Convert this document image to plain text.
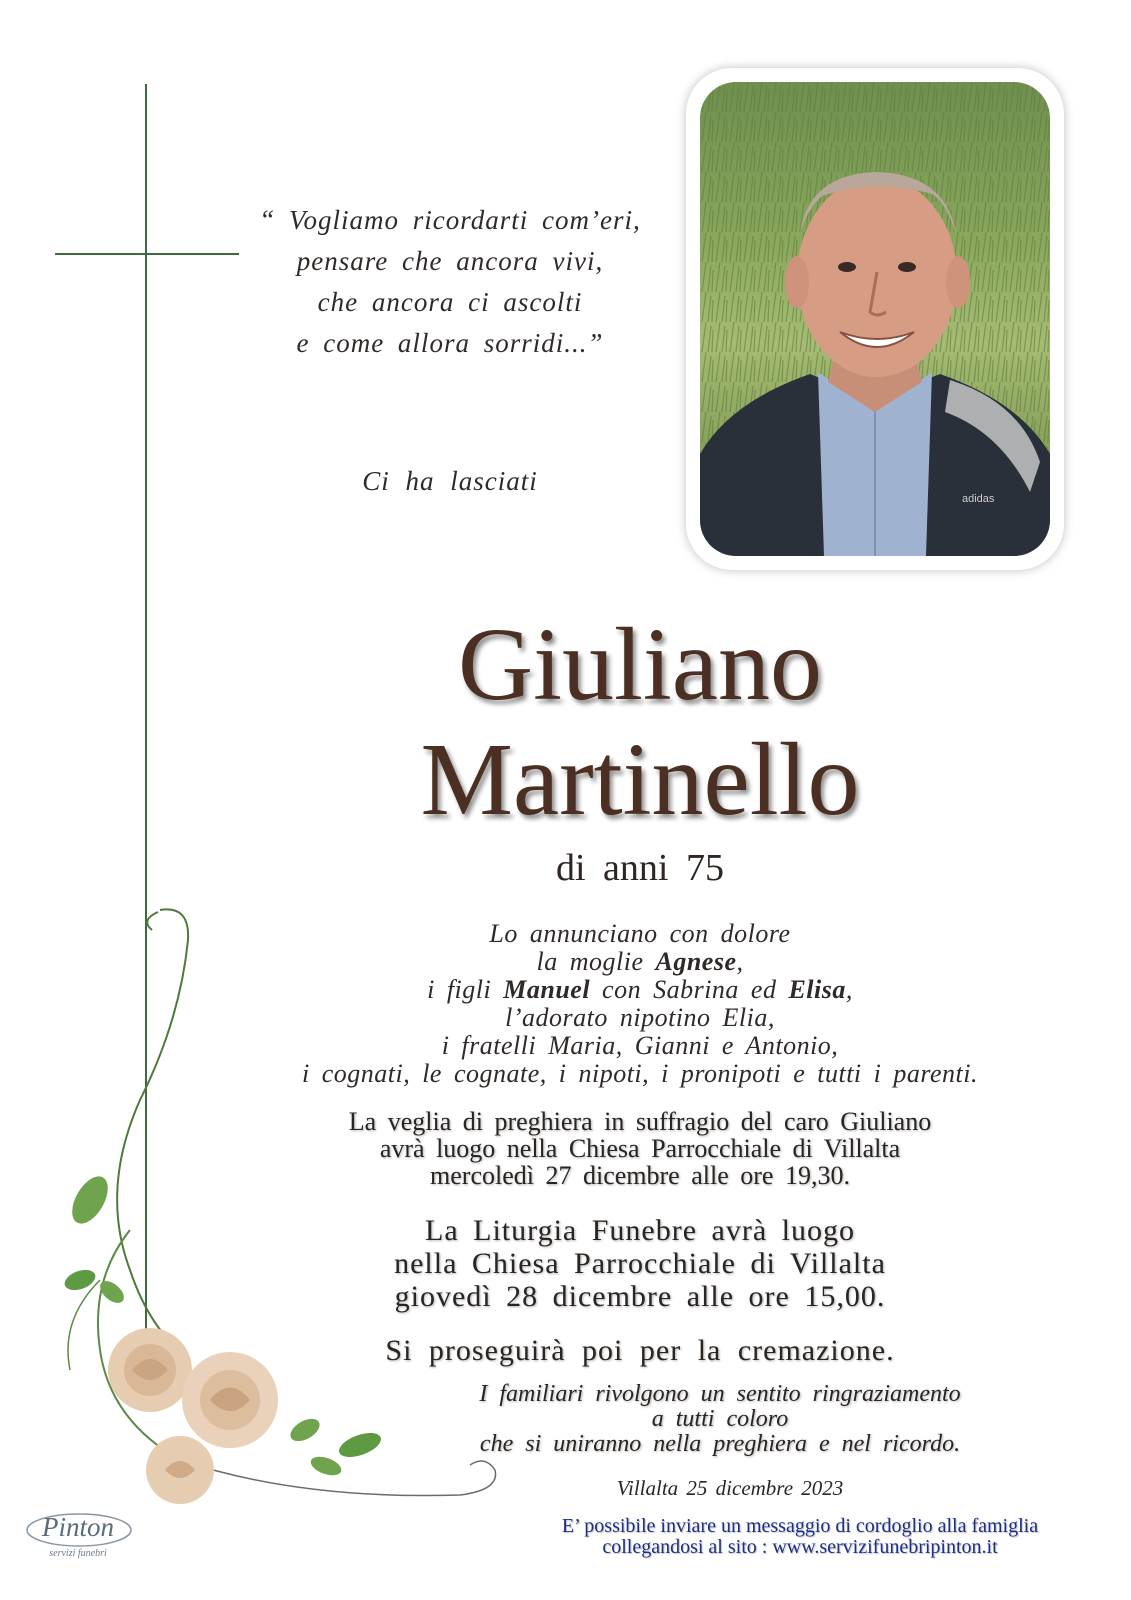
“ Vogliamo ricordarti com’eri,
pensare che ancora vivi,
che ancora ci ascolti
e come allora sorridi...”
Ci ha lasciati
adidas
Giuliano
Martinello
di anni 75
Lo annunciano con dolore
la moglie Agnese,
i figli Manuel con Sabrina ed Elisa,
l’adorato nipotino Elia,
i fratelli Maria, Gianni e Antonio,
i cognati, le cognate, i nipoti, i pronipoti e tutti i parenti.
La veglia di preghiera in suffragio del caro Giuliano
avrà luogo nella Chiesa Parrocchiale di Villalta
mercoledì 27 dicembre alle ore 19,30.
La Liturgia Funebre avrà luogo
nella Chiesa Parrocchiale di Villalta
giovedì 28 dicembre alle ore 15,00.
Si proseguirà poi per la cremazione.
I familiari rivolgono un sentito ringraziamento
a tutti coloro
che si uniranno nella preghiera e nel ricordo.
Villalta 25 dicembre 2023
E’ possibile inviare un messaggio di cordoglio alla famiglia
collegandosi al sito : www.servizifunebripinton.it
Pinton
servizi funebri
